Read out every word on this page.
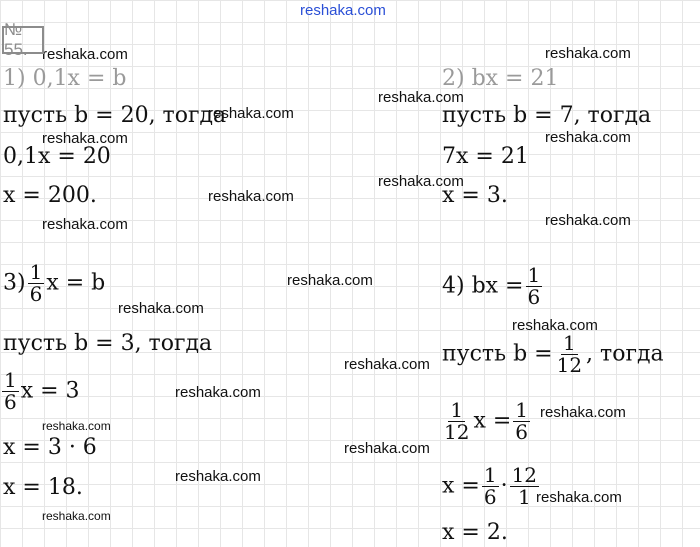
reshaka.com
reshaka.com	reshaka.com
reshaka.com
reshaka.com
reshaka.com	reshaka.com
reshaka.com
reshaka.com
reshaka.com	reshaka.com
reshaka.com
reshaka.com
reshaka.com
reshaka.com
reshaka.com
reshaka.com
reshaka.com
reshaka.com
reshaka.com
reshaka.com
reshaka.com
№ 55.
1) 0,1x = b
пусть b = 20, тогда
0,1x = 20
x = 200.
2) bx = 21
пусть b = 7, тогда
7x = 21
x = 3.
$3) \frac{1}{6}$ x = b
пусть b = 3, тогда
$\frac{1}{6}$ x = 3
x = 3 · 6
x = 18.
4) bx = $\frac{1}{6}$
пусть $b = \frac{1}{12}$ , тогда
$\frac{1}{12}$ $x = \frac{1}{6}$
$x = \frac{1}{6} \cdot \frac{12}{1}$
x = 2.
